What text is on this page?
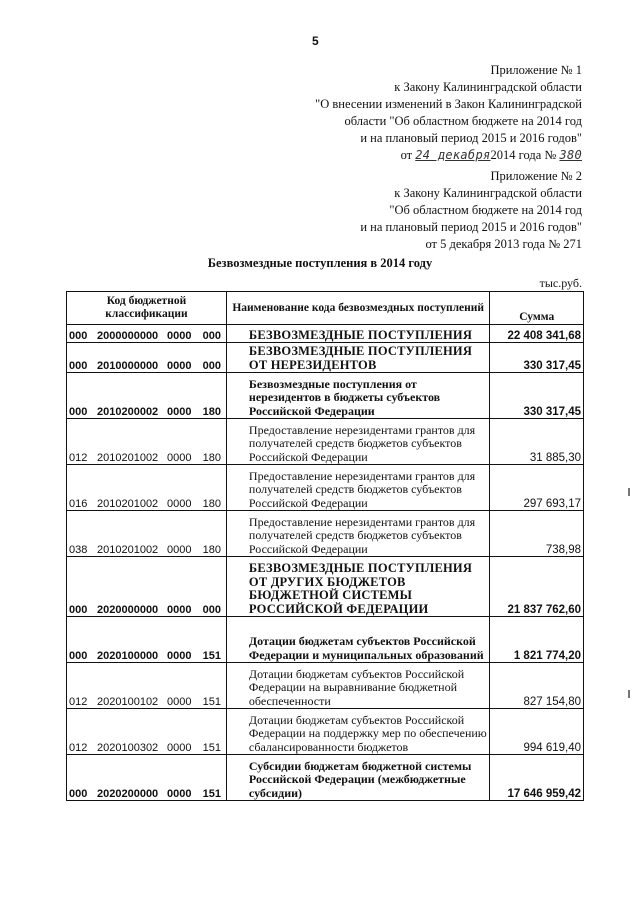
5
Приложение № 1
к Закону Калининградской области
"О внесении изменений в Закон Калининградской
области "Об областном бюджете на 2014 год
и на плановый период 2015 и 2016 годов"
от 24 декабря2014 года № 380
Приложение № 2
к Закону Калининградской области
"Об областном бюджете на 2014 год
и на плановый период 2015 и 2016 годов"
от 5 декабря 2013 года № 271
Безвозмездные поступления в 2014 году
тыс.руб.
Код бюджетной классификации	Наименование кода безвозмездных поступлений	Сумма
000 2000000000 0000 000	БЕЗВОЗМЕЗДНЫЕ ПОСТУПЛЕНИЯ	22 408 341,68
000 2010000000 0000 000	БЕЗВОЗМЕЗДНЫЕ ПОСТУПЛЕНИЯ ОТ НЕРЕЗИДЕНТОВ	330 317,45
000 2010200002 0000 180	Безвозмездные поступления от нерезидентов в бюджеты субъектов Российской Федерации	330 317,45
012 2010201002 0000 180	Предоставление нерезидентами грантов для получателей средств бюджетов субъектов Российской Федерации	31 885,30
016 2010201002 0000 180	Предоставление нерезидентами грантов для получателей средств бюджетов субъектов Российской Федерации	297 693,17
038 2010201002 0000 180	Предоставление нерезидентами грантов для получателей средств бюджетов субъектов Российской Федерации	738,98
000 2020000000 0000 000	БЕЗВОЗМЕЗДНЫЕ ПОСТУПЛЕНИЯ ОТ ДРУГИХ БЮДЖЕТОВ БЮДЖЕТНОЙ СИСТЕМЫ РОССИЙСКОЙ ФЕДЕРАЦИИ	21 837 762,60
000 2020100000 0000 151	Дотации бюджетам субъектов Российской Федерации и муниципальных образований	1 821 774,20
012 2020100102 0000 151	Дотации бюджетам субъектов Российской Федерации на выравнивание бюджетной обеспеченности	827 154,80
012 2020100302 0000 151	Дотации бюджетам субъектов Российской Федерации на поддержку мер по обеспечению сбалансированности бюджетов	994 619,40
000 2020200000 0000 151	Субсидии бюджетам бюджетной системы Российской Федерации (межбюджетные субсидии)	17 646 959,42
